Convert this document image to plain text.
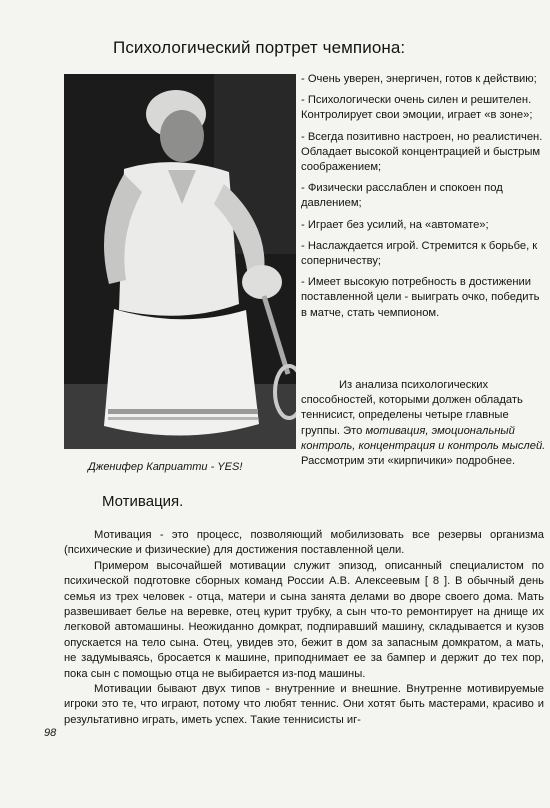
Психологический портрет чемпиона:

Дженифер Каприатти - YES!

- Очень уверен, энергичен, готов к действию;
- Психологически очень силен и решителен. Контролирует свои эмоции, играет «в зоне»;
- Всегда позитивно настроен, но реалистичен. Обладает высокой концентрацией и быстрым соображением;
- Физически расслаблен и спокоен под давлением;
- Играет без усилий, на «автомате»;
- Наслаждается игрой. Стремится к борьбе, к соперничеству;
- Имеет высокую потребность в достижении поставленной цели - выиграть очко, победить в матче, стать чемпионом.

Из анализа психологических способностей, которыми должен обладать теннисист, определены четыре главные группы. Это мотивация, эмоциональный контроль, концентрация и контроль мыслей. Рассмотрим эти «кирпичики» подробнее.

Мотивация.

Мотивация - это процесс, позволяющий мобилизовать все резервы организма (психические и физические) для достижения поставленной цели.

Примером высочайшей мотивации служит эпизод, описанный специалистом по психической подготовке сборных команд России А.В. Алексеевым [ 8 ]. В обычный день семья из трех человек - отца, матери и сына занята делами во дворе своего дома. Мать развешивает белье на веревке, отец курит трубку, а сын что-то ремонтирует на днище их легковой автомашины. Неожиданно домкрат, подпиравший машину, складывается и кузов опускается на тело сына. Отец, увидев это, бежит в дом за запасным домкратом, а мать, не задумываясь, бросается к машине, приподнимает ее за бампер и держит до тех пор, пока сын с помощью отца не выбирается из-под машины.

Мотивации бывают двух типов - внутренние и внешние. Внутренне мотивируемые игроки это те, что играют, потому что любят теннис. Они хотят быть мастерами, красиво и результативно играть, иметь успех. Такие теннисисты иг-

98
